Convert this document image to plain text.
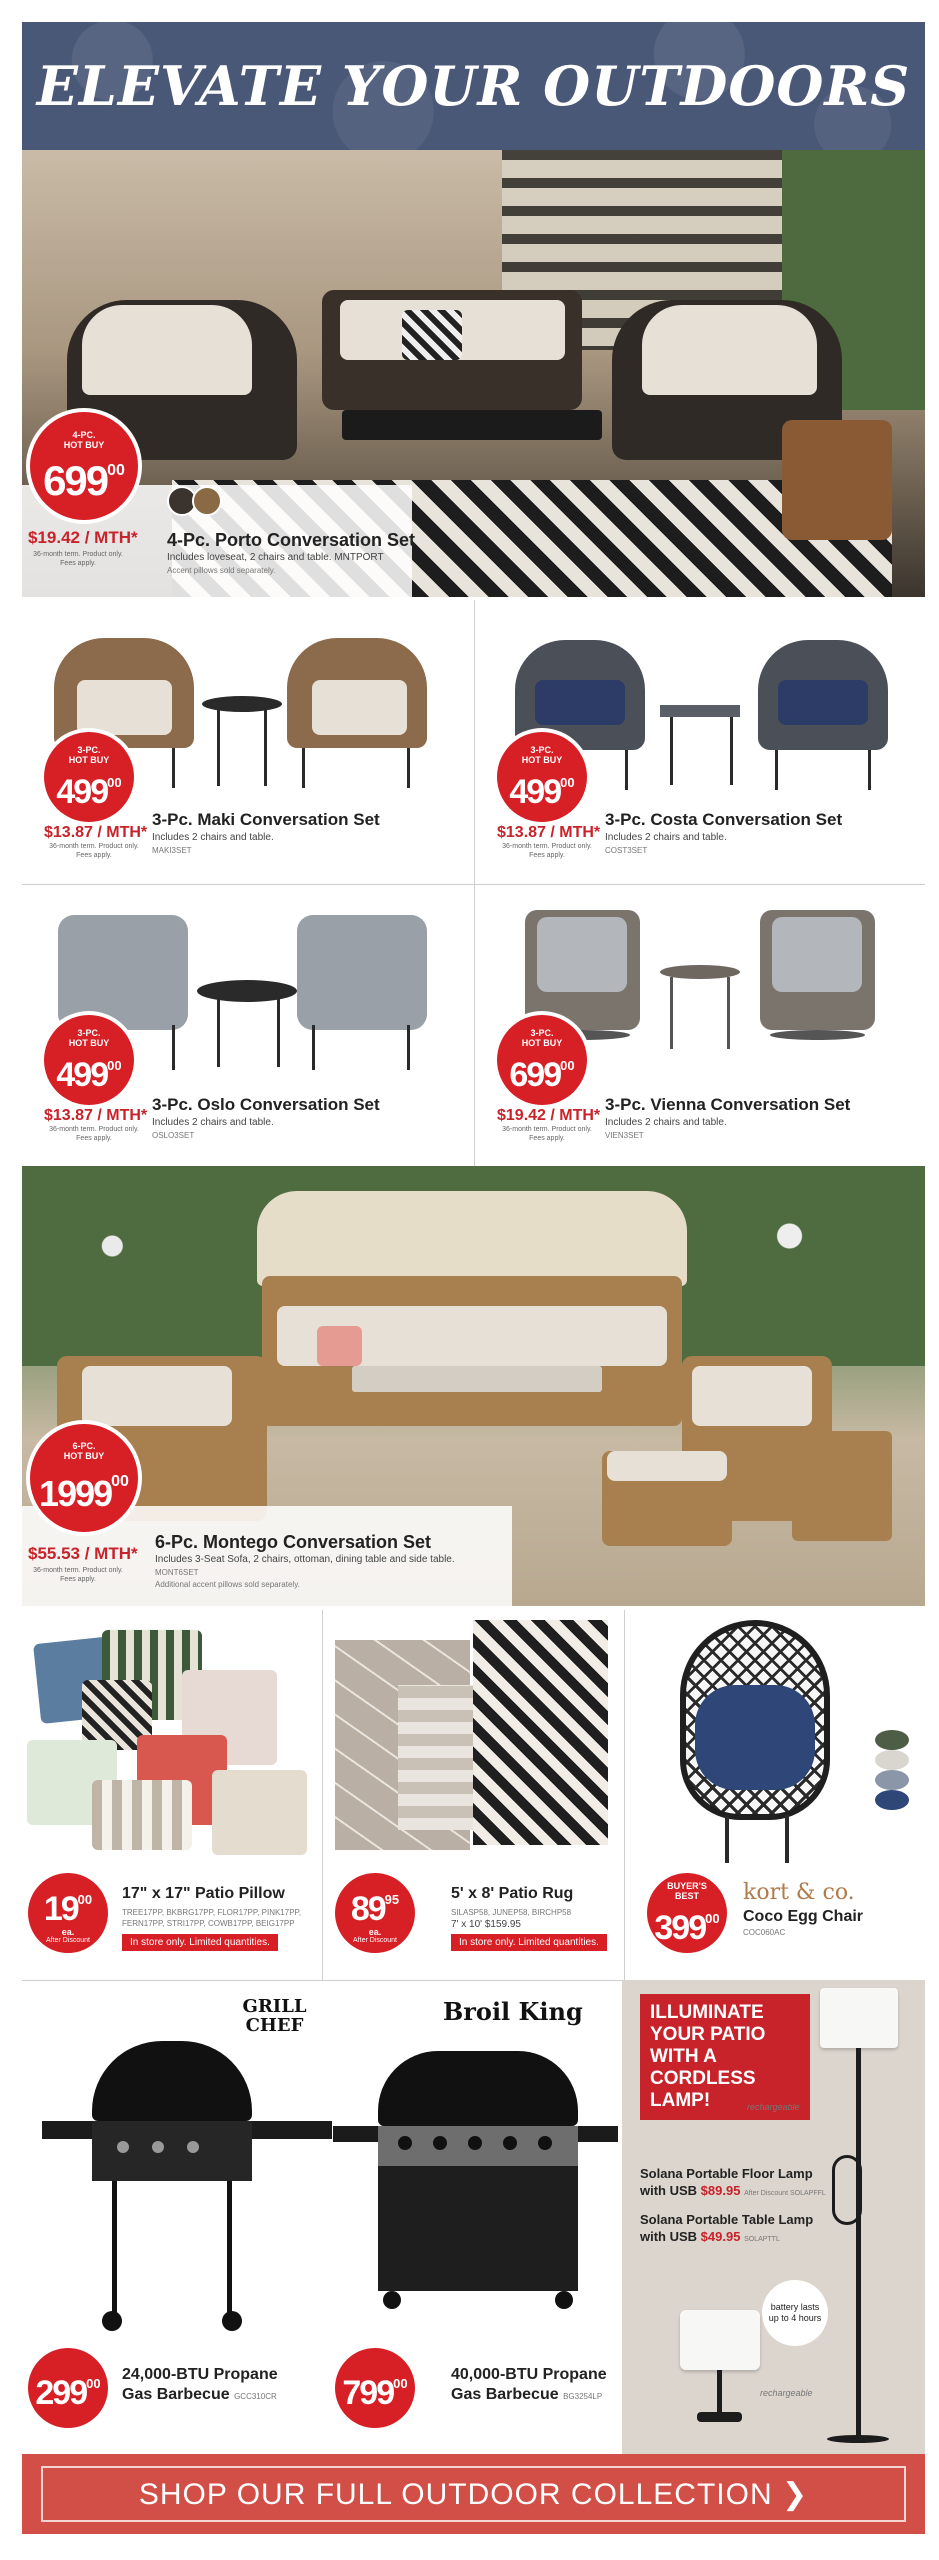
ELEVATE YOUR OUTDOORS
4-PC.
HOT BUY
$699^{00}$
$19.42 / MTH*
36-month term. Product only. Fees apply.
4-Pc. Porto Conversation Set
Includes loveseat, 2 chairs and table. MNTPORT
Accent pillows sold separately.
3-PC.
HOT BUY
$499^{00}$
$13.87 / MTH*
36-month term. Product only. Fees apply.
3-Pc. Maki Conversation Set
Includes 2 chairs and table.
MAKI3SET
3-PC.
HOT BUY
$499^{00}$
$13.87 / MTH*
36-month term. Product only. Fees apply.
3-Pc. Costa Conversation Set
Includes 2 chairs and table.
COST3SET
3-PC.
HOT BUY
$499^{00}$
$13.87 / MTH*
36-month term. Product only. Fees apply.
3-Pc. Oslo Conversation Set
Includes 2 chairs and table.
OSLO3SET
3-PC.
HOT BUY
$699^{00}$
$19.42 / MTH*
36-month term. Product only. Fees apply.
3-Pc. Vienna Conversation Set
Includes 2 chairs and table.
VIEN3SET
6-PC.
HOT BUY
1999$^{00}$
$55.53 / MTH*
36-month term. Product only. Fees apply.
6-Pc. Montego Conversation Set
Includes 3-Seat Sofa, 2 chairs, ottoman, dining table and side table.
MONT6SET
Additional accent pillows sold separately.
$19^{00}$
ea.
After Discount
17" x 17" Patio Pillow
TREE17PP, BKBRG17PP, FLOR17PP, PINK17PP,
FERN17PP, STRI17PP, COWB17PP, BEIG17PP
In store only. Limited quantities.
$89^{95}$
ea.
After Discount
5' x 8' Patio Rug
SILASP58, JUNEP58, BIRCHP58
7' x 10' $159.95
In store only. Limited quantities.
BUYER'S
BEST
$399^{00}$
kort & co.
Coco Egg Chair
COC060AC
GRILL
CHEF
$299^{00}$ 24,000-BTU Propane
Gas Barbecue GCC310CR
Broil King
$799^{00}$	40,000-BTU Propane
Gas Barbecue BG3254LP
ILLUMINATE YOUR PATIO WITH A CORDLESS LAMP!	rechargeable
Solana Portable Floor Lamp
with USB $89.95 After Discount SOLAPFFL
Solana Portable Table Lamp
with USB $49.95 SOLAPTTL
battery lasts up to 4 hours
rechargeable
SHOP OUR FULL OUTDOOR COLLECTION ❯
